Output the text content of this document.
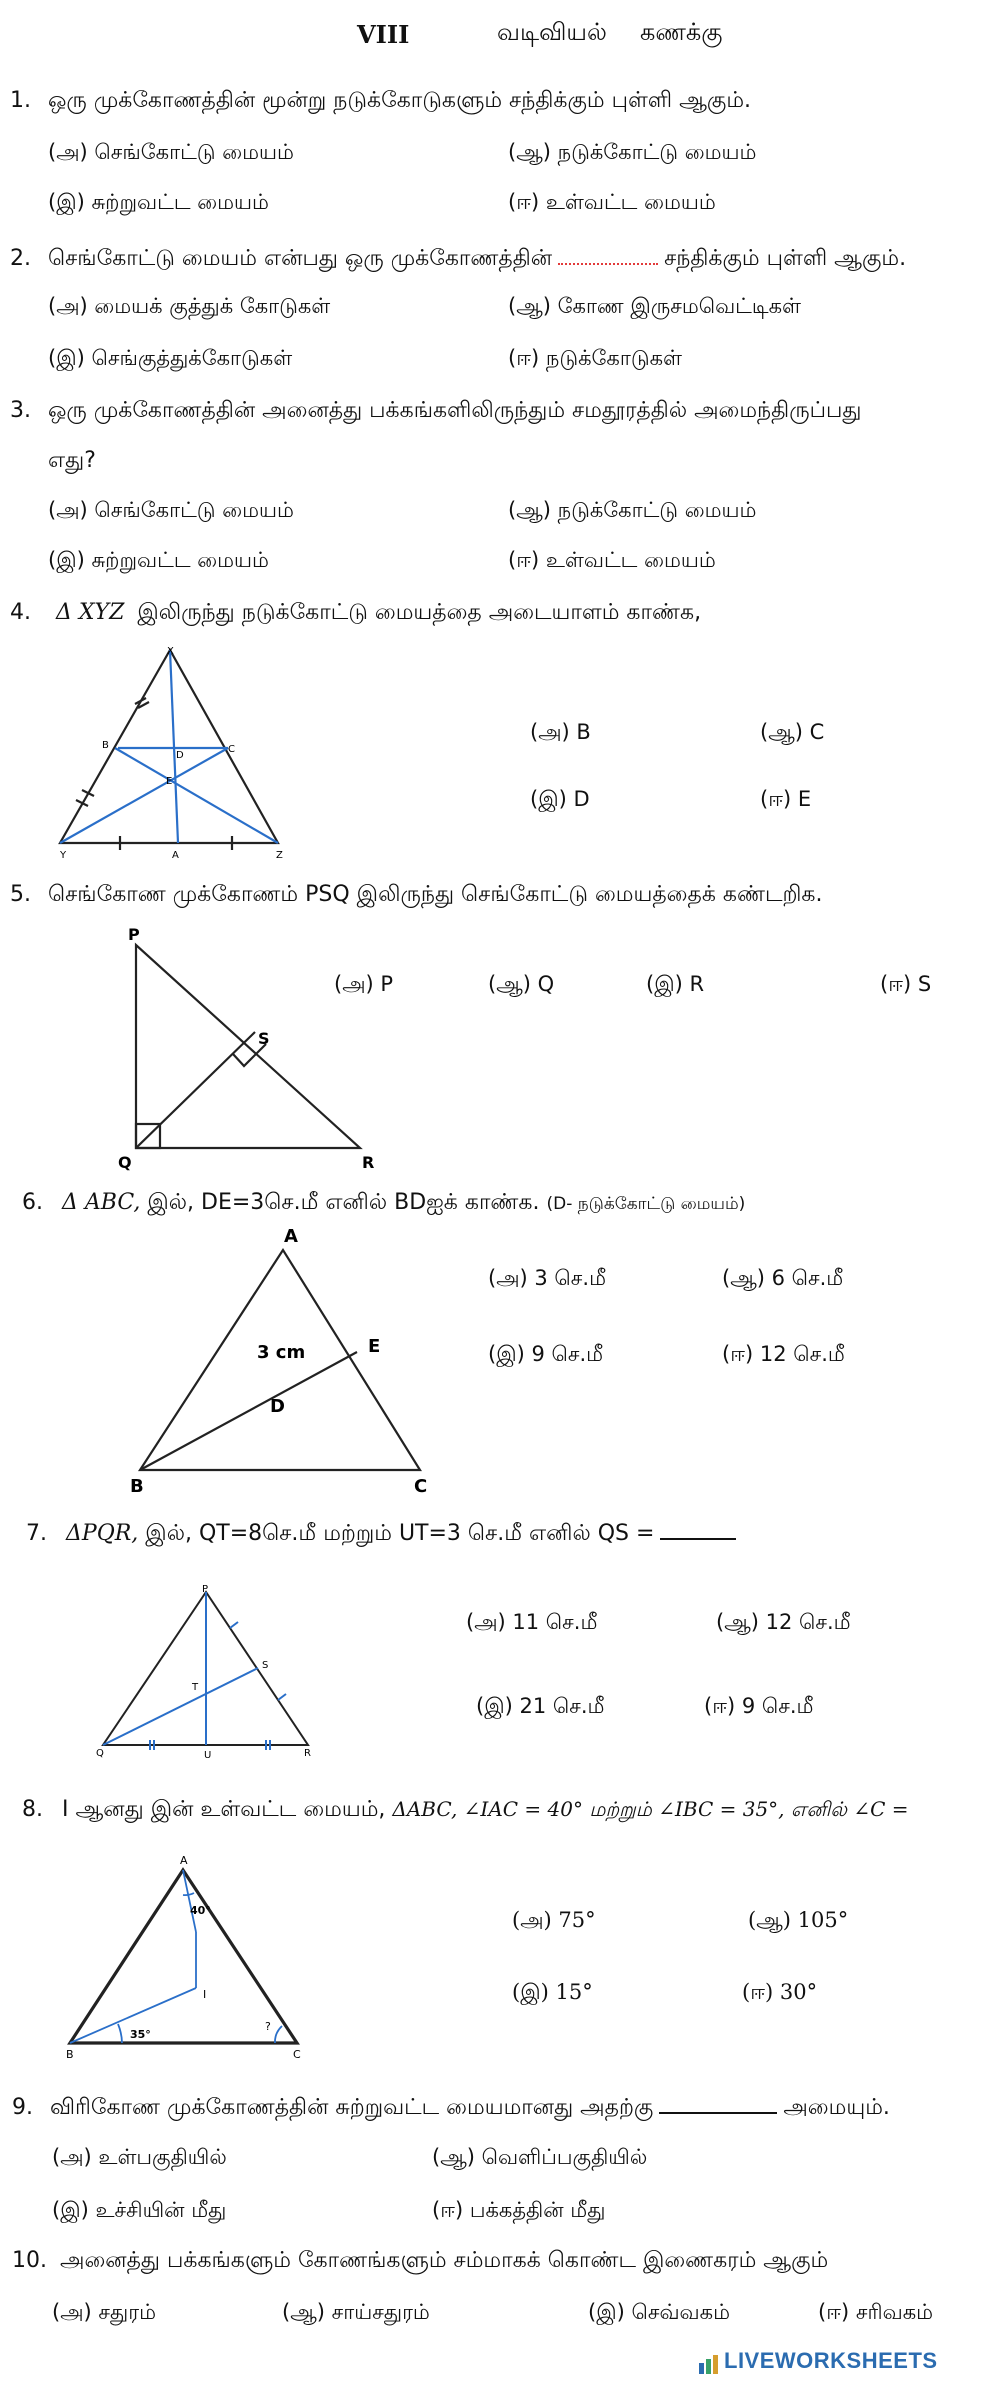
VIII	வடிவியல் கணக்கு
1. ஒரு முக்கோணத்தின் மூன்று நடுக்கோடுகளும் சந்திக்கும் புள்ளி ஆகும்.
(அ) செங்கோட்டு மையம்	(ஆ) நடுக்கோட்டு மையம்
(இ) சுற்றுவட்ட மையம்	(ஈ) உள்வட்ட மையம்
2. செங்கோட்டு மையம் என்பது ஒரு முக்கோணத்தின்	சந்திக்கும் புள்ளி ஆகும்.
(அ) மையக் குத்துக் கோடுகள்	(ஆ) கோண இருசமவெட்டிகள்
(இ) செங்குத்துக்கோடுகள்	(ஈ) நடுக்கோடுகள்
3. ஒரு முக்கோணத்தின் அனைத்து பக்கங்களிலிருந்தும் சமதூரத்தில் அமைந்திருப்பது
எது?
(அ) செங்கோட்டு மையம்	(ஆ) நடுக்கோட்டு மையம்
(இ) சுற்றுவட்ட மையம்	(ஈ) உள்வட்ட மையம்
4. Δ XYZ இலிருந்து நடுக்கோட்டு மையத்தை அடையாளம் காண்க,
X
Y	Z
A
B	C
D
E
(அ) B	(ஆ) C
(இ) D	(ஈ) E
5. செங்கோண முக்கோணம் PSQ இலிருந்து செங்கோட்டு மையத்தைக் கண்டறிக.
P
Q	R
S
(அ) P	(ஆ) Q	(இ) R	(ஈ) S
6. Δ ABC, இல், DE=3செ.மீ எனில் BDஐக் காண்க. (D- நடுக்கோட்டு மையம்)
A
B	C
D
E
3 cm
(அ) 3 செ.மீ	(ஆ) 6 செ.மீ
(இ) 9 செ.மீ	(ஈ) 12 செ.மீ
7. ΔPQR, இல், QT=8செ.மீ மற்றும் UT=3 செ.மீ எனில் QS =
P
Q	R
S
T
U
(அ) 11 செ.மீ	(ஆ) 12 செ.மீ
(இ) 21 செ.மீ	(ஈ) 9 செ.மீ
8. I ஆனது இன் உள்வட்ட மையம், ΔABC, ∠IAC = 40° மற்றும் ∠IBC = 35°, எனில் ∠C =
A
B	C
I
40°
35°
?
(அ) 75°	(ஆ) 105°
(இ) 15°	(ஈ) 30°
9. விரிகோண முக்கோணத்தின் சுற்றுவட்ட மையமானது அதற்கு	அமையும்.
(அ) உள்பகுதியில்	(ஆ) வெளிப்பகுதியில்
(இ) உச்சியின் மீது	(ஈ) பக்கத்தின் மீது
10. அனைத்து பக்கங்களும் கோணங்களும் சம்மாகக் கொண்ட இணைகரம் ஆகும்
(அ) சதுரம்	(ஆ) சாய்சதுரம்	(இ) செவ்வகம்	(ஈ) சரிவகம்
LIVEWORKSHEETS
